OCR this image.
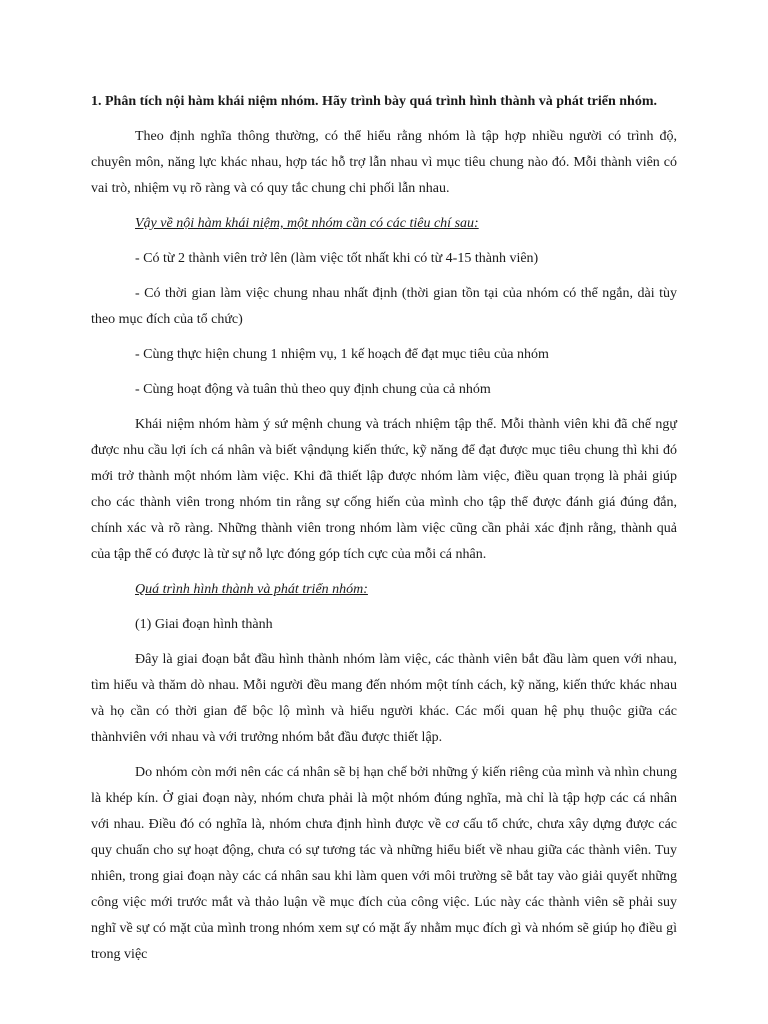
1. Phân tích nội hàm khái niệm nhóm. Hãy trình bày quá trình hình thành và phát triển nhóm.

Theo định nghĩa thông thường, có thể hiểu rằng nhóm là tập hợp nhiều người có trình độ, chuyên môn, năng lực khác nhau, hợp tác hỗ trợ lẫn nhau vì mục tiêu chung nào đó. Mỗi thành viên có vai trò, nhiệm vụ rõ ràng và có quy tắc chung chi phối lẫn nhau.

Vậy về nội hàm khái niệm, một nhóm cần có các tiêu chí sau:

- Có từ 2 thành viên trở lên (làm việc tốt nhất khi có từ 4-15 thành viên)

- Có thời gian làm việc chung nhau nhất định (thời gian tồn tại của nhóm có thể ngắn, dài tùy theo mục đích của tổ chức)

- Cùng thực hiện chung 1 nhiệm vụ, 1 kế hoạch để đạt mục tiêu của nhóm

- Cùng hoạt động và tuân thủ theo quy định chung của cả nhóm

Khái niệm nhóm hàm ý sứ mệnh chung và trách nhiệm tập thể. Mỗi thành viên khi đã chế ngự được nhu cầu lợi ích cá nhân và biết vậndụng kiến thức, kỹ năng để đạt được mục tiêu chung thì khi đó mới trở thành một nhóm làm việc. Khi đã thiết lập được nhóm làm việc, điều quan trọng là phải giúp cho các thành viên trong nhóm tin rằng sự cống hiến của mình cho tập thể được đánh giá đúng đắn, chính xác và rõ ràng. Những thành viên trong nhóm làm việc cũng cần phải xác định rằng, thành quả của tập thể có được là từ sự nỗ lực đóng góp tích cực của mỗi cá nhân.

Quá trình hình thành và phát triển nhóm:

(1) Giai đoạn hình thành

Đây là giai đoạn bắt đầu hình thành nhóm làm việc, các thành viên bắt đầu làm quen với nhau, tìm hiểu và thăm dò nhau. Mỗi người đều mang đến nhóm một tính cách, kỹ năng, kiến thức khác nhau và họ cần có thời gian để bộc lộ mình và hiểu người khác. Các mối quan hệ phụ thuộc giữa các thànhviên với nhau và với trưởng nhóm bắt đầu được thiết lập.

Do nhóm còn mới nên các cá nhân sẽ bị hạn chế bởi những ý kiến riêng của mình và nhìn chung là khép kín. Ở giai đoạn này, nhóm chưa phải là một nhóm đúng nghĩa, mà chỉ là tập hợp các cá nhân với nhau. Điều đó có nghĩa là, nhóm chưa định hình được về cơ cấu tổ chức, chưa xây dựng được các quy chuẩn cho sự hoạt động, chưa có sự tương tác và những hiểu biết về nhau giữa các thành viên. Tuy nhiên, trong giai đoạn này các cá nhân sau khi làm quen với môi trường sẽ bắt tay vào giải quyết những công việc mới trước mắt và thảo luận về mục đích của công việc. Lúc này các thành viên sẽ phải suy nghĩ về sự có mặt của mình trong nhóm xem sự có mặt ấy nhằm mục đích gì và nhóm sẽ giúp họ điều gì trong việc
